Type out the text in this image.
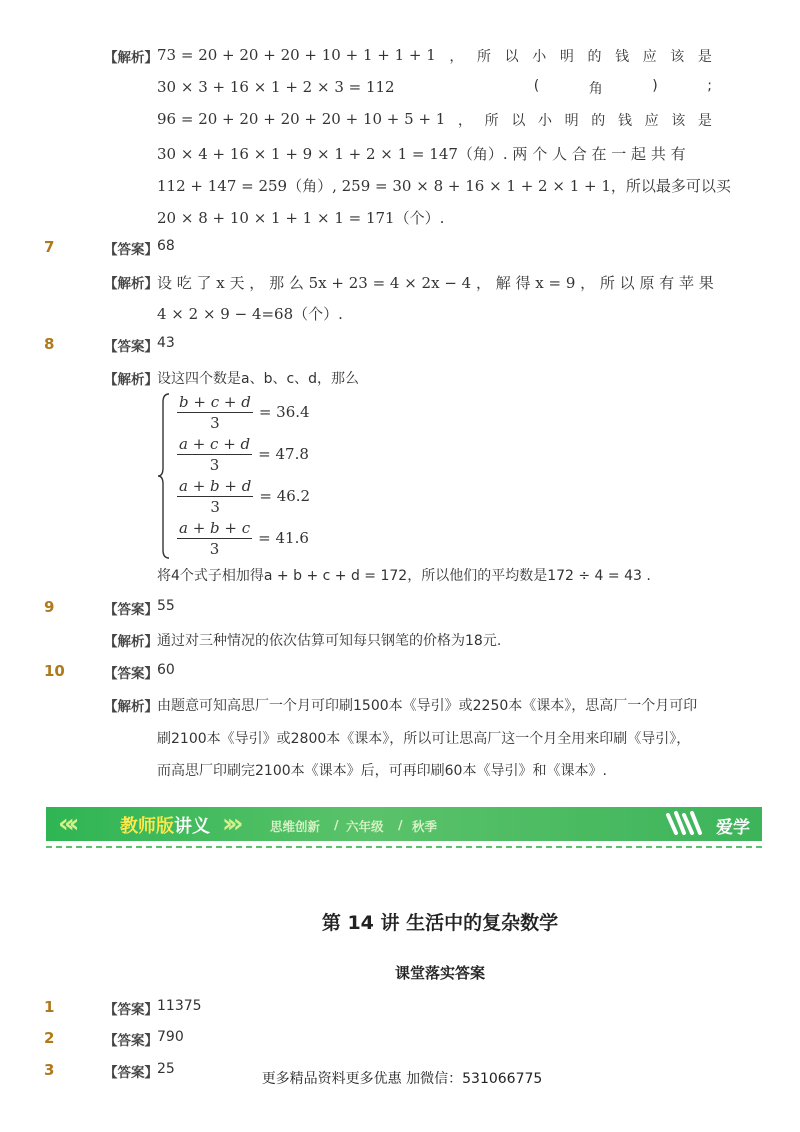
【解析】 73 = 20 + 20 + 20 + 10 + 1 + 1 + 1 ， 所 以 小 明 的 钱 应 该 是
30 × 3 + 16 × 1 + 2 × 3 = 112	(	角	)	;
96 = 20 + 20 + 20 + 20 + 10 + 5 + 1 ， 所 以 小 明 的 钱 应 该 是
30 × 4 + 16 × 1 + 9 × 1 + 2 × 1 = 147（角）. 两 个 人 合 在 一 起 共 有
112 + 147 = 259（角）, 259 = 30 × 8 + 16 × 1 + 2 × 1 + 1，所以最多可以买
20 × 8 + 10 × 1 + 1 × 1 = 171（个）.
7	【答案】 68
【解析】 设 吃 了 x 天 ， 那 么 5x + 23 = 4 × 2x − 4 ， 解 得 x = 9 ， 所 以 原 有 苹 果
4 × 2 × 9 − 4=68（个）.
8	【答案】 43
【解析】 设这四个数是a、b、c、d，那么
$\frac{b + c + d}{3} = 36.4$
$\frac{a + c + d}{3} = 47.8$
$\frac{a + b + d}{3} = 46.2$
$\frac{a + b + c}{3} = 41.6$
将4个式子相加得a + b + c + d = 172，所以他们的平均数是172 ÷ 4 = 43 .
9	【答案】 55
【解析】 通过对三种情况的依次估算可知每只钢笔的价格为18元.
10	【答案】 60
【解析】 由题意可知高思厂一个月可印刷1500本《导引》或2250本《课本》，思高厂一个月可印
刷2100本《导引》或2800本《课本》，所以可让思高厂这一个月全用来印刷《导引》，
而高思厂印刷完2100本《课本》后，可再印刷60本《导引》和《课本》.
«‹	教师版 讲义 ›»	思维创新 / 六年级 / 秋季	爱学习
第 14 讲 生活中的复杂数学
课堂落实答案
1	【答案】 11375
2	【答案】 790
3	【答案】 25
更多精品资料更多优惠 加微信：531066775
